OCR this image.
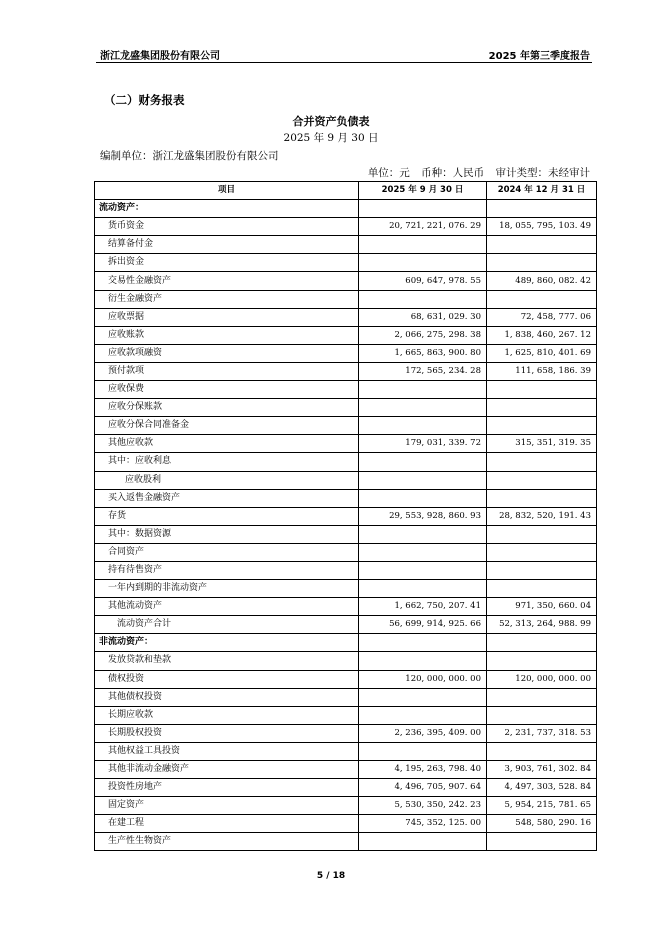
浙江龙盛集团股份有限公司	2025 年第三季度报告
（二）财务报表
合并资产负债表
2025 年 9 月 30 日
编制单位：浙江龙盛集团股份有限公司
单位：元 币种：人民币 审计类型：未经审计
项目	2025 年 9 月 30 日	2024 年 12 月 31 日
流动资产：		
货币资金	20, 721, 221, 076. 29	18, 055, 795, 103. 49
结算备付金		
拆出资金		
交易性金融资产	609, 647, 978. 55	489, 860, 082. 42
衍生金融资产		
应收票据	68, 631, 029. 30	72, 458, 777. 06
应收账款	2, 066, 275, 298. 38	1, 838, 460, 267. 12
应收款项融资	1, 665, 863, 900. 80	1, 625, 810, 401. 69
预付款项	172, 565, 234. 28	111, 658, 186. 39
应收保费		
应收分保账款		
应收分保合同准备金		
其他应收款	179, 031, 339. 72	315, 351, 319. 35
其中：应收利息		
应收股利		
买入返售金融资产		
存货	29, 553, 928, 860. 93	28, 832, 520, 191. 43
其中：数据资源		
合同资产		
持有待售资产		
一年内到期的非流动资产		
其他流动资产	1, 662, 750, 207. 41	971, 350, 660. 04
流动资产合计	56, 699, 914, 925. 66	52, 313, 264, 988. 99
非流动资产：		
发放贷款和垫款		
债权投资	120, 000, 000. 00	120, 000, 000. 00
其他债权投资		
长期应收款		
长期股权投资	2, 236, 395, 409. 00	2, 231, 737, 318. 53
其他权益工具投资		
其他非流动金融资产	4, 195, 263, 798. 40	3, 903, 761, 302. 84
投资性房地产	4, 496, 705, 907. 64	4, 497, 303, 528. 84
固定资产	5, 530, 350, 242. 23	5, 954, 215, 781. 65
在建工程	745, 352, 125. 00	548, 580, 290. 16
生产性生物资产		
5 / 18
